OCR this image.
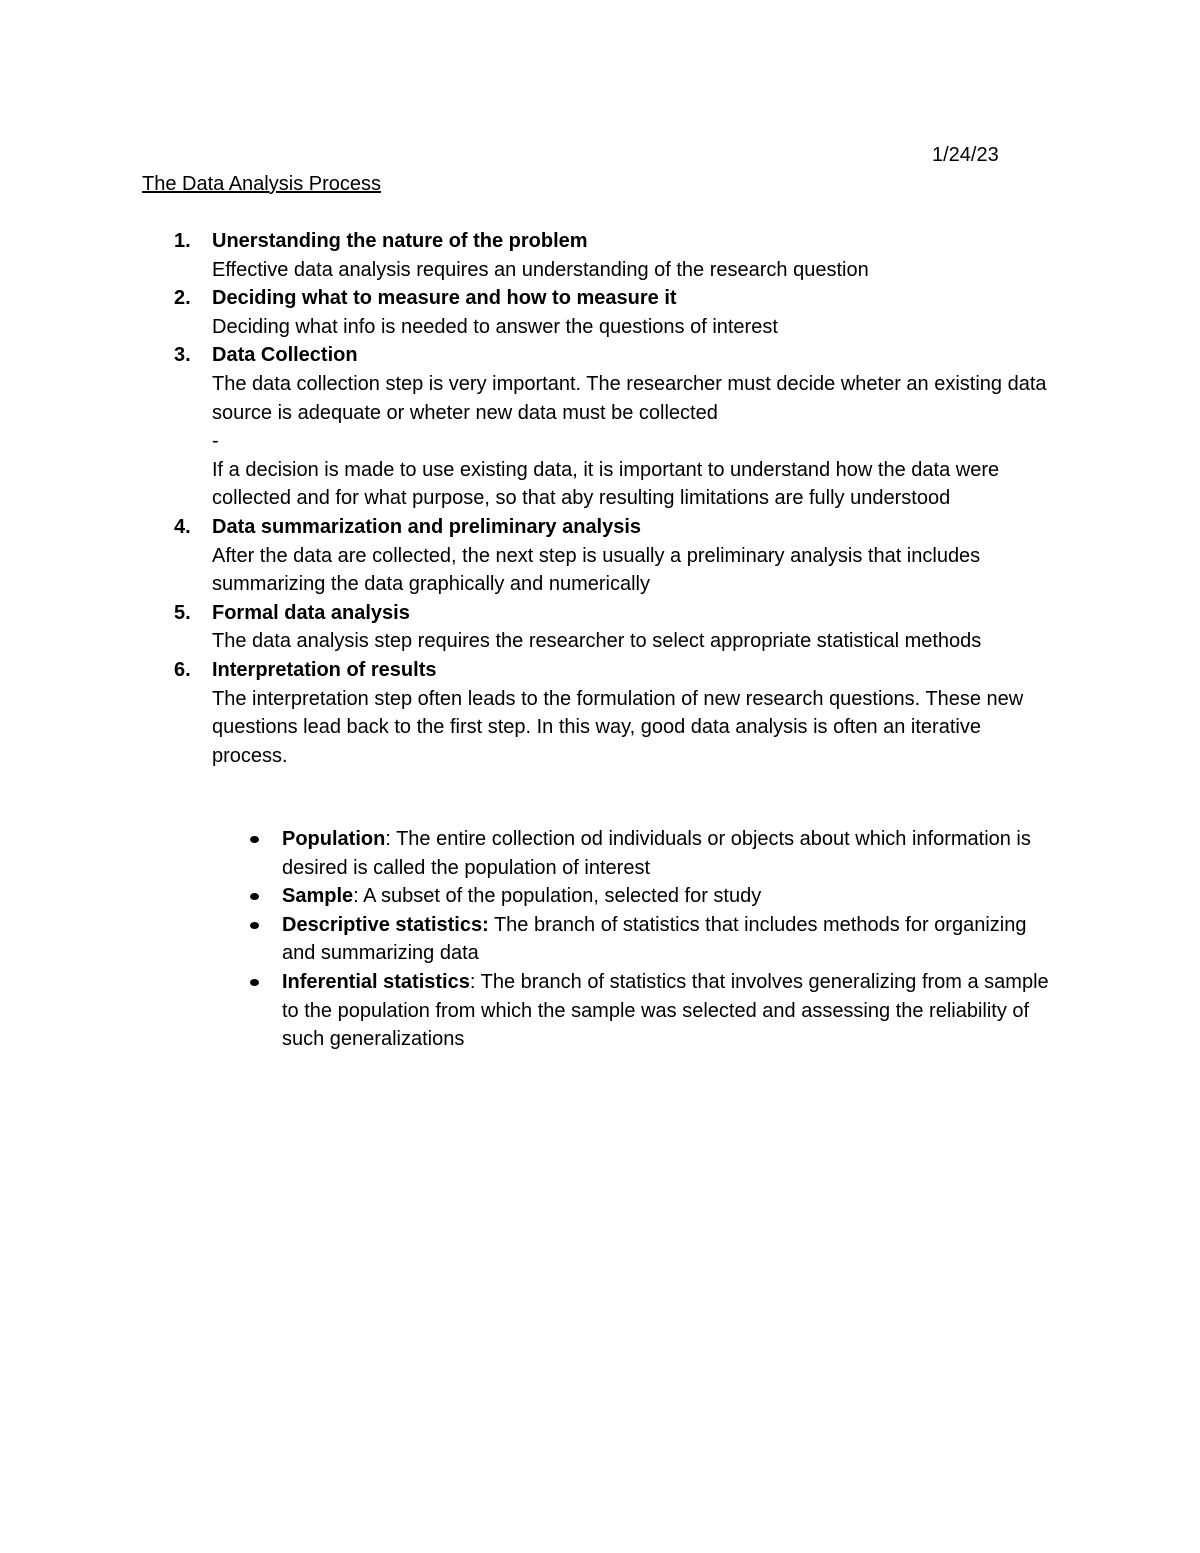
1/24/23
The Data Analysis Process
1. Unerstanding the nature of the problem
Effective data analysis requires an understanding of the research question
2. Deciding what to measure and how to measure it
Deciding what info is needed to answer the questions of interest
3. Data Collection
The data collection step is very important. The researcher must decide wheter an existing data source is adequate or wheter new data must be collected
-
If a decision is made to use existing data, it is important to understand how the data were collected and for what purpose, so that aby resulting limitations are fully understood
4. Data summarization and preliminary analysis
After the data are collected, the next step is usually a preliminary analysis that includes summarizing the data graphically and numerically
5. Formal data analysis
The data analysis step requires the researcher to select appropriate statistical methods
6. Interpretation of results
The interpretation step often leads to the formulation of new research questions. These new questions lead back to the first step. In this way, good data analysis is often an iterative process.
Population: The entire collection od individuals or objects about which information is desired is called the population of interest
Sample: A subset of the population, selected for study
Descriptive statistics: The branch of statistics that includes methods for organizing and summarizing data
Inferential statistics: The branch of statistics that involves generalizing from a sample to the population from which the sample was selected and assessing the reliability of such generalizations
